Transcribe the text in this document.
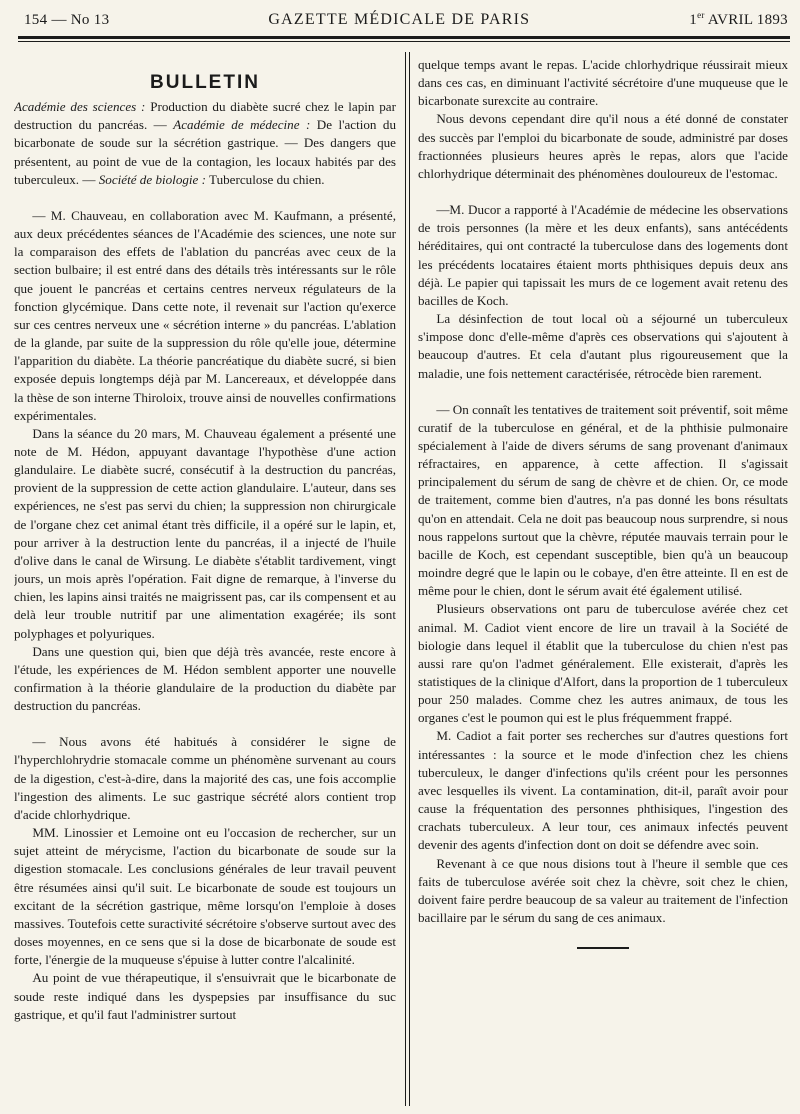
154 — No 13	GAZETTE MÉDICALE DE PARIS	1er AVRIL 1893
BULLETIN
Académie des sciences : Production du diabète sucré chez le lapin par destruction du pancréas. — Académie de médecine : De l'action du bicarbonate de soude sur la sécrétion gastrique. — Des dangers que présentent, au point de vue de la contagion, les locaux habités par des tuberculeux. — Société de biologie : Tuberculose du chien.

— M. Chauveau, en collaboration avec M. Kaufmann, a présenté, aux deux précédentes séances de l'Académie des sciences, une note sur la comparaison des effets de l'ablation du pancréas avec ceux de la section bulbaire; il est entré dans des détails très intéressants sur le rôle que jouent le pancréas et certains centres nerveux régulateurs de la fonction glycémique. Dans cette note, il revenait sur l'action qu'exerce sur ces centres nerveux une « sécrétion interne » du pancréas. L'ablation de la glande, par suite de la suppression du rôle qu'elle joue, détermine l'apparition du diabète. La théorie pancréatique du diabète sucré, si bien exposée depuis longtemps déjà par M. Lancereaux, et développée dans la thèse de son interne Thiroloix, trouve ainsi de nouvelles confirmations expérimentales.

Dans la séance du 20 mars, M. Chauveau également a présenté une note de M. Hédon, appuyant davantage l'hypothèse d'une action glandulaire. Le diabète sucré, consécutif à la destruction du pancréas, provient de la suppression de cette action glandulaire. L'auteur, dans ses expériences, ne s'est pas servi du chien; la suppression non chirurgicale de l'organe chez cet animal étant très difficile, il a opéré sur le lapin, et, pour arriver à la destruction lente du pancréas, il a injecté de l'huile d'olive dans le canal de Wirsung. Le diabète s'établit tardivement, vingt jours, un mois après l'opération. Fait digne de remarque, à l'inverse du chien, les lapins ainsi traités ne maigrissent pas, car ils compensent et au delà leur trouble nutritif par une alimentation exagérée; ils sont polyphages et polyuriques.

Dans une question qui, bien que déjà très avancée, reste encore à l'étude, les expériences de M. Hédon semblent apporter une nouvelle confirmation à la théorie glandulaire de la production du diabète par destruction du pancréas.

— Nous avons été habitués à considérer le signe de l'hyperchlohrydrie stomacale comme un phénomène survenant au cours de la digestion, c'est-à-dire, dans la majorité des cas, une fois accomplie l'ingestion des aliments. Le suc gastrique sécrété alors contient trop d'acide chlorhydrique.

MM. Linossier et Lemoine ont eu l'occasion de rechercher, sur un sujet atteint de mérycisme, l'action du bicarbonate de soude sur la digestion stomacale. Les conclusions générales de leur travail peuvent être résumées ainsi qu'il suit. Le bicarbonate de soude est toujours un excitant de la sécrétion gastrique, même lorsqu'on l'emploie à doses massives. Toutefois cette suractivité sécrétoire s'observe surtout avec des doses moyennes, en ce sens que si la dose de bicarbonate de soude est forte, l'énergie de la muqueuse s'épuise à lutter contre l'alcalinité.

Au point de vue thérapeutique, il s'ensuivrait que le bicarbonate de soude reste indiqué dans les dyspepsies par insuffisance du suc gastrique, et qu'il faut l'administrer surtout

quelque temps avant le repas. L'acide chlorhydrique réussirait mieux dans ces cas, en diminuant l'activité sécrétoire d'une muqueuse que le bicarbonate surexcite au contraire.

Nous devons cependant dire qu'il nous a été donné de constater des succès par l'emploi du bicarbonate de soude, administré par doses fractionnées plusieurs heures après le repas, alors que l'acide chlorhydrique déterminait des phénomènes douloureux de l'estomac.

—M. Ducor a rapporté à l'Académie de médecine les observations de trois personnes (la mère et les deux enfants), sans antécédents héréditaires, qui ont contracté la tuberculose dans des logements dont les précédents locataires étaient morts phthisiques depuis deux ans déjà. Le papier qui tapissait les murs de ce logement avait retenu des bacilles de Koch.

La désinfection de tout local où a séjourné un tuberculeux s'impose donc d'elle-même d'après ces observations qui s'ajoutent à beaucoup d'autres. Et cela d'autant plus rigoureusement que la maladie, une fois nettement caractérisée, rétrocède bien rarement.

— On connaît les tentatives de traitement soit préventif, soit même curatif de la tuberculose en général, et de la phthisie pulmonaire spécialement à l'aide de divers sérums de sang provenant d'animaux réfractaires, en apparence, à cette affection. Il s'agissait principalement du sérum de sang de chèvre et de chien. Or, ce mode de traitement, comme bien d'autres, n'a pas donné les bons résultats qu'on en attendait. Cela ne doit pas beaucoup nous surprendre, si nous nous rappelons surtout que la chèvre, réputée mauvais terrain pour le bacille de Koch, est cependant susceptible, bien qu'à un beaucoup moindre degré que le lapin ou le cobaye, d'en être atteinte. Il en est de même pour le chien, dont le sérum avait été également utilisé.

Plusieurs observations ont paru de tuberculose avérée chez cet animal. M. Cadiot vient encore de lire un travail à la Société de biologie dans lequel il établit que la tuberculose du chien n'est pas aussi rare qu'on l'admet généralement. Elle existerait, d'après les statistiques de la clinique d'Alfort, dans la proportion de 1 tuberculeux pour 250 malades. Comme chez les autres animaux, de tous les organes c'est le poumon qui est le plus fréquemment frappé.

M. Cadiot a fait porter ses recherches sur d'autres questions fort intéressantes : la source et le mode d'infection chez les chiens tuberculeux, le danger d'infections qu'ils créent pour les personnes avec lesquelles ils vivent. La contamination, dit-il, paraît avoir pour cause la fréquentation des personnes phthisiques, l'ingestion des crachats tuberculeux. A leur tour, ces animaux infectés peuvent devenir des agents d'infection dont on doit se défendre avec soin.

Revenant à ce que nous disions tout à l'heure il semble que ces faits de tuberculose avérée soit chez la chèvre, soit chez le chien, doivent faire perdre beaucoup de sa valeur au traitement de l'infection bacillaire par le sérum du sang de ces animaux.
